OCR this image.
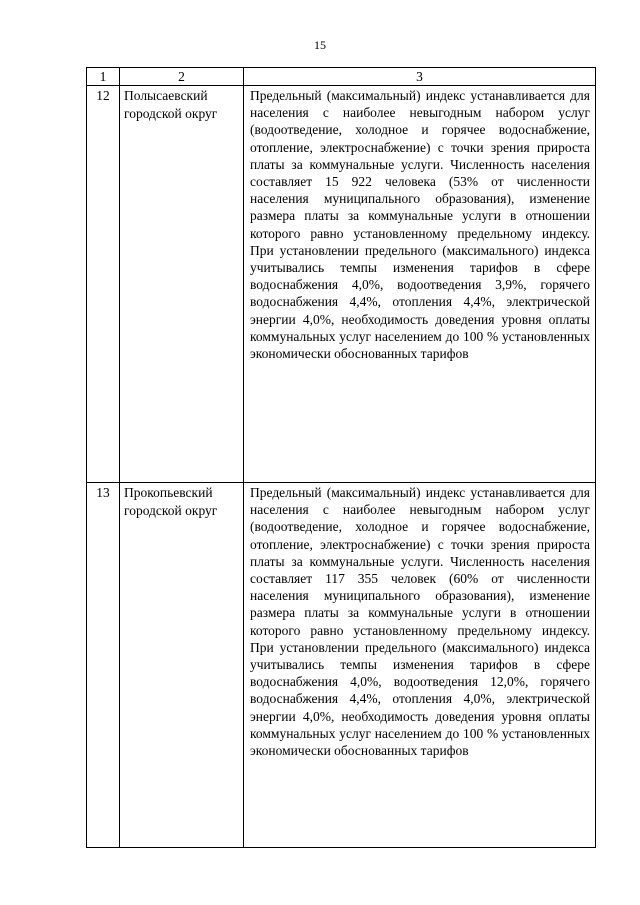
15
1	2	3
12	Полысаевский городской округ	Предельный (максимальный) индекс устанавливается для населения с наиболее невыгодным набором услуг (водоотведение, холодное и горячее водоснабжение, отопление, электроснабжение) с точки зрения прироста платы за коммунальные услуги. Численность населения составляет 15 922 человека (53% от численности населения муниципального образования), изменение размера платы за коммунальные услуги в отношении которого равно установленному предельному индексу. При установлении предельного (максимального) индекса учитывались темпы изменения тарифов в сфере водоснабжения 4,0%, водоотведения 3,9%, горячего водоснабжения 4,4%, отопления 4,4%, электрической энергии 4,0%, необходимость доведения уровня оплаты коммунальных услуг населением до 100 % установленных экономически обоснованных тарифов

13	Прокопьевский городской округ	Предельный (максимальный) индекс устанавливается для населения с наиболее невыгодным набором услуг (водоотведение, холодное и горячее водоснабжение, отопление, электроснабжение) с точки зрения прироста платы за коммунальные услуги. Численность населения составляет 117 355 человек (60% от численности населения муниципального образования), изменение размера платы за коммунальные услуги в отношении которого равно установленному предельному индексу. При установлении предельного (максимального) индекса учитывались темпы изменения тарифов в сфере водоснабжения 4,0%, водоотведения 12,0%, горячего водоснабжения 4,4%, отопления 4,0%, электрической энергии 4,0%, необходимость доведения уровня оплаты коммунальных услуг населением до 100 % установленных экономически обоснованных тарифов
